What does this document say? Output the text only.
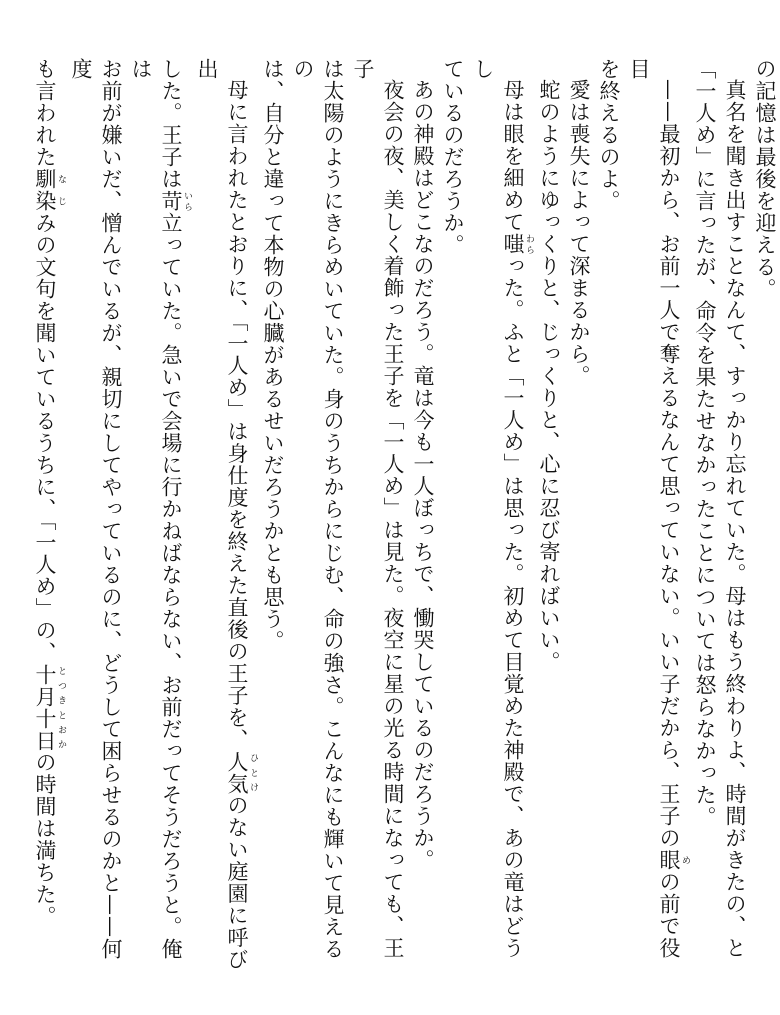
の記憶は最後を迎える。

真名を聞き出すことなんて、すっかり忘れていた。母はもう終わりよ、時間がきたの、と

「一人め」に言ったが、命令を果たせなかったことについては怒らなかった。

——最初から、お前一人で奪えるなんて思っていない。いい子だから、王子の眼 めの前で役目

を終えるのよ。

愛は喪失によって深まるから。

蛇のようにゆっくりと、じっくりと、心に忍び寄ればいい。

母は眼を細めて嗤 わらった。ふと「一人め」は思った。初めて目覚めた神殿で、あの竜はどうし

ているのだろうか。

あの神殿はどこなのだろう。竜は今も一人ぼっちで、慟哭しているのだろうか。

夜会の夜、美しく着飾った王子を「一人め」は見た。夜空に星の光る時間になっても、王子

は太陽のようにきらめいていた。身のうちからにじむ、命の強さ。こんなにも輝いて見えるの

は、自分と違って本物の心臓があるせいだろうかとも思う。

母に言われたとおりに、「一人め」は身仕度を終えた直後の王子を、人気 ひとけのない庭園に呼び出

した。王子は苛 いら立っていた。急いで会場に行かねばならない、お前だってそうだろうと。俺は

お前が嫌いだ、憎んでいるが、親切にしてやっているのに、どうして困らせるのかと——何度

も言われた馴染 なじみの文句を聞いているうちに、「一人め」の、十月十日 とつきとおかの時間は満ちた。
